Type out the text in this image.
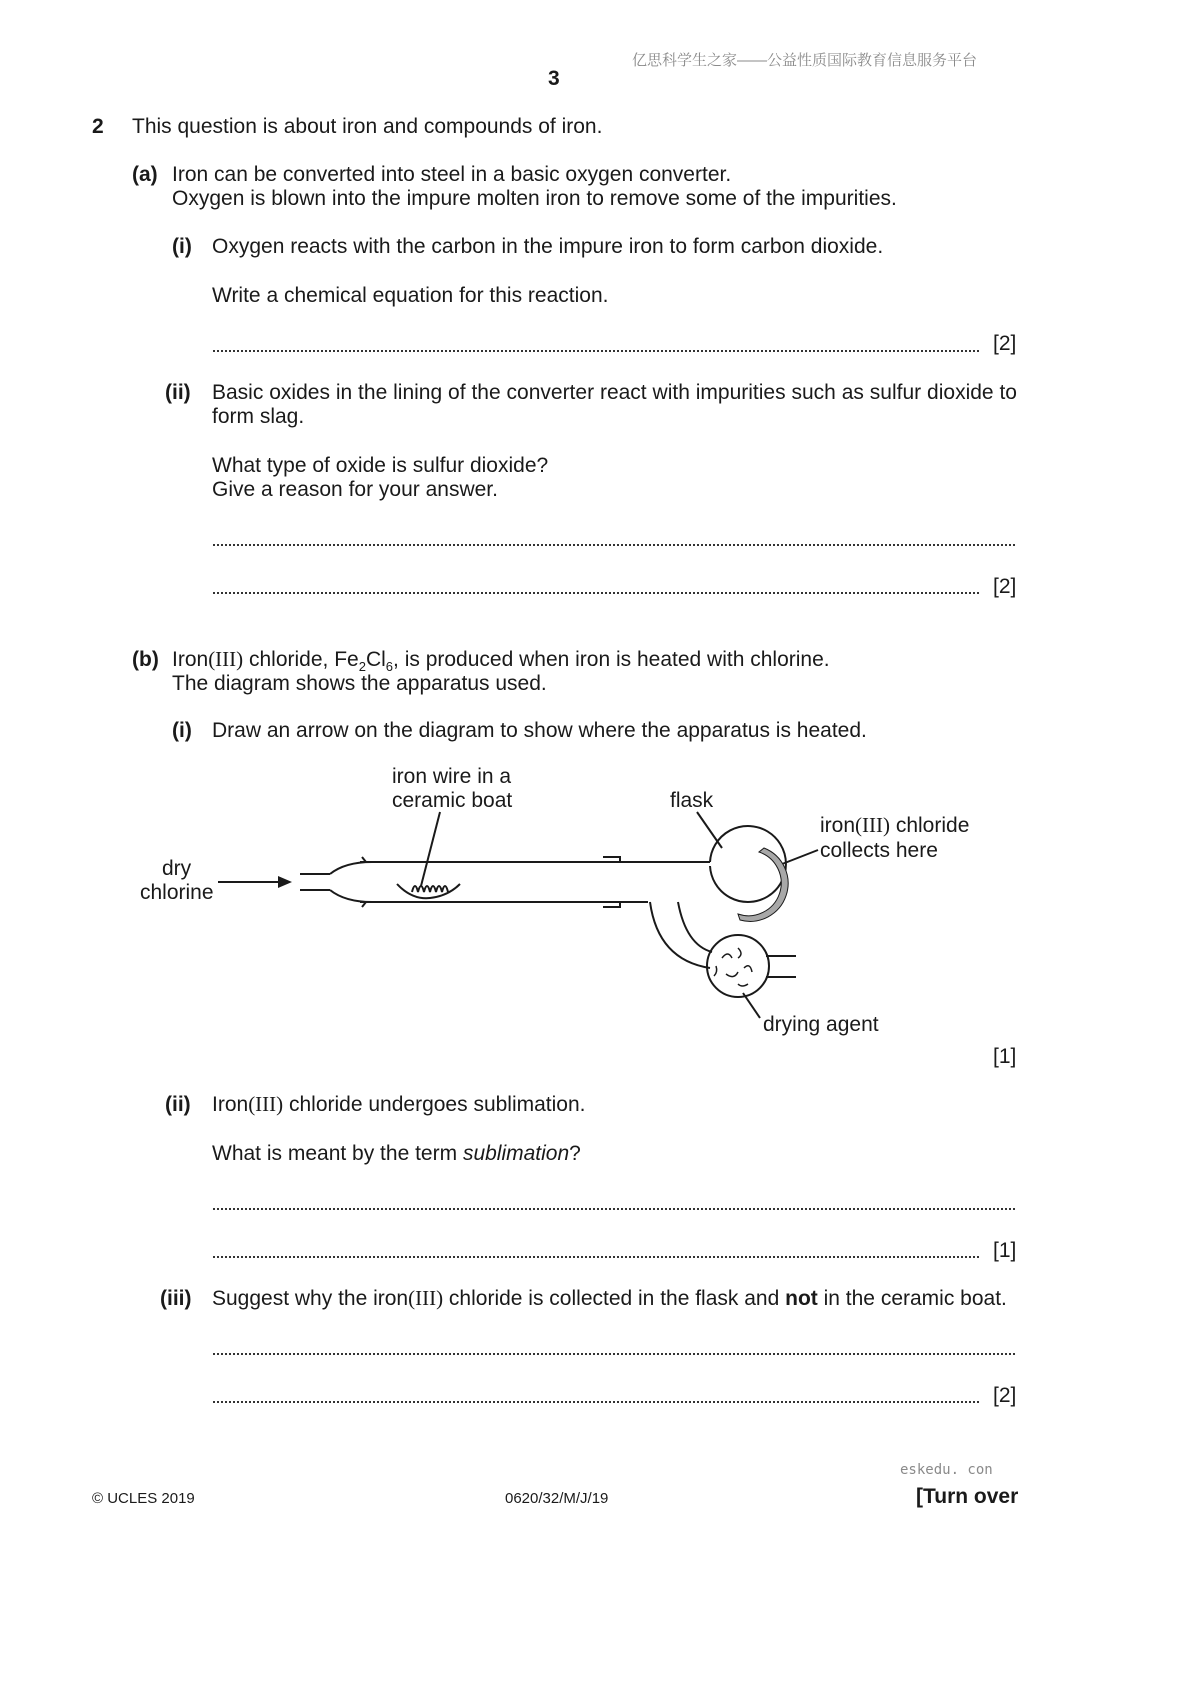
亿思科学生之家——公益性质国际教育信息服务平台
3
2 This question is about iron and compounds of iron.
(a) Iron can be converted into steel in a basic oxygen converter.
Oxygen is blown into the impure molten iron to remove some of the impurities.
(i) Oxygen reacts with the carbon in the impure iron to form carbon dioxide.
Write a chemical equation for this reaction.
[2]
(ii) Basic oxides in the lining of the converter react with impurities such as sulfur dioxide to
form slag.
What type of oxide is sulfur dioxide?
Give a reason for your answer.
[2]
(b) Iron(III) chloride, $Fe_2Cl_6$, is produced when iron is heated with chlorine.
The diagram shows the apparatus used.
(i) Draw an arrow on the diagram to show where the apparatus is heated.
iron wire in a
ceramic boat	flask
iron(III) chloride
collects here
dry
chlorine
drying agent
[1]
(ii) Iron(III) chloride undergoes sublimation.
What is meant by the term sublimation?
[1]
(iii) Suggest why the iron(III) chloride is collected in the flask and not in the ceramic boat.
[2]
eskedu. con
© UCLES 2019	0620/32/M/J/19	[Turn over
